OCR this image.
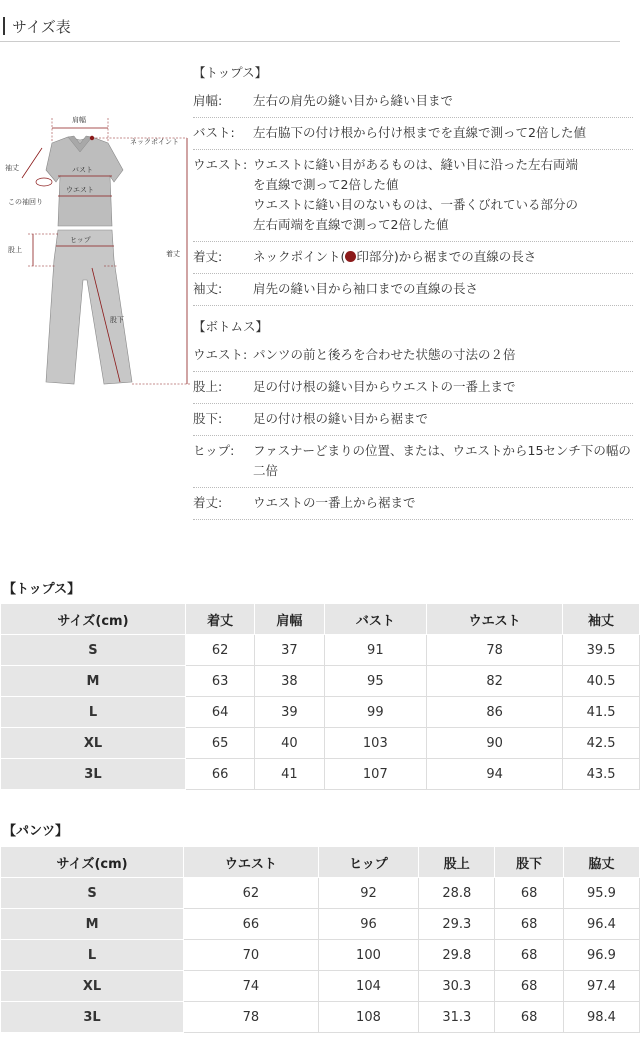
サイズ表
肩幅
ネックポイント
袖丈	バスト
ウエスト
この袖回り
着丈
股上
ヒップ
股下
【トップス】
肩幅:	左右の肩先の縫い目から縫い目まで
バスト:	左右脇下の付け根から付け根までを直線で測って2倍した値
ウエスト: ウエストに縫い目があるものは、縫い目に沿った左右両端
を直線で測って2倍した値
ウエストに縫い目のないものは、一番くびれている部分の
左右両端を直線で測って2倍した値
着丈:	ネックポイント( 印部分)から裾までの直線の長さ
袖丈:	肩先の縫い目から袖口までの直線の長さ
【ボトムス】
ウエスト: パンツの前と後ろを合わせた状態の寸法の２倍
股上:	足の付け根の縫い目からウエストの一番上まで
股下:	足の付け根の縫い目から裾まで
ヒップ:	ファスナーどまりの位置、または、ウエストから15センチ下の幅の
二倍
着丈:	ウエストの一番上から裾まで
【トップス】
サイズ(cm)	着丈	肩幅	バスト	ウエスト	袖丈
S	62	37	91	78	39.5
M	63	38	95	82	40.5
L	64	39	99	86	41.5
XL	65	40	103	90	42.5
3L	66	41	107	94	43.5
【パンツ】
サイズ(cm)	ウエスト	ヒップ	股上	股下	脇丈
S	62	92	28.8	68	95.9
M	66	96	29.3	68	96.4
L	70	100	29.8	68	96.9
XL	74	104	30.3	68	97.4
3L	78	108	31.3	68	98.4
